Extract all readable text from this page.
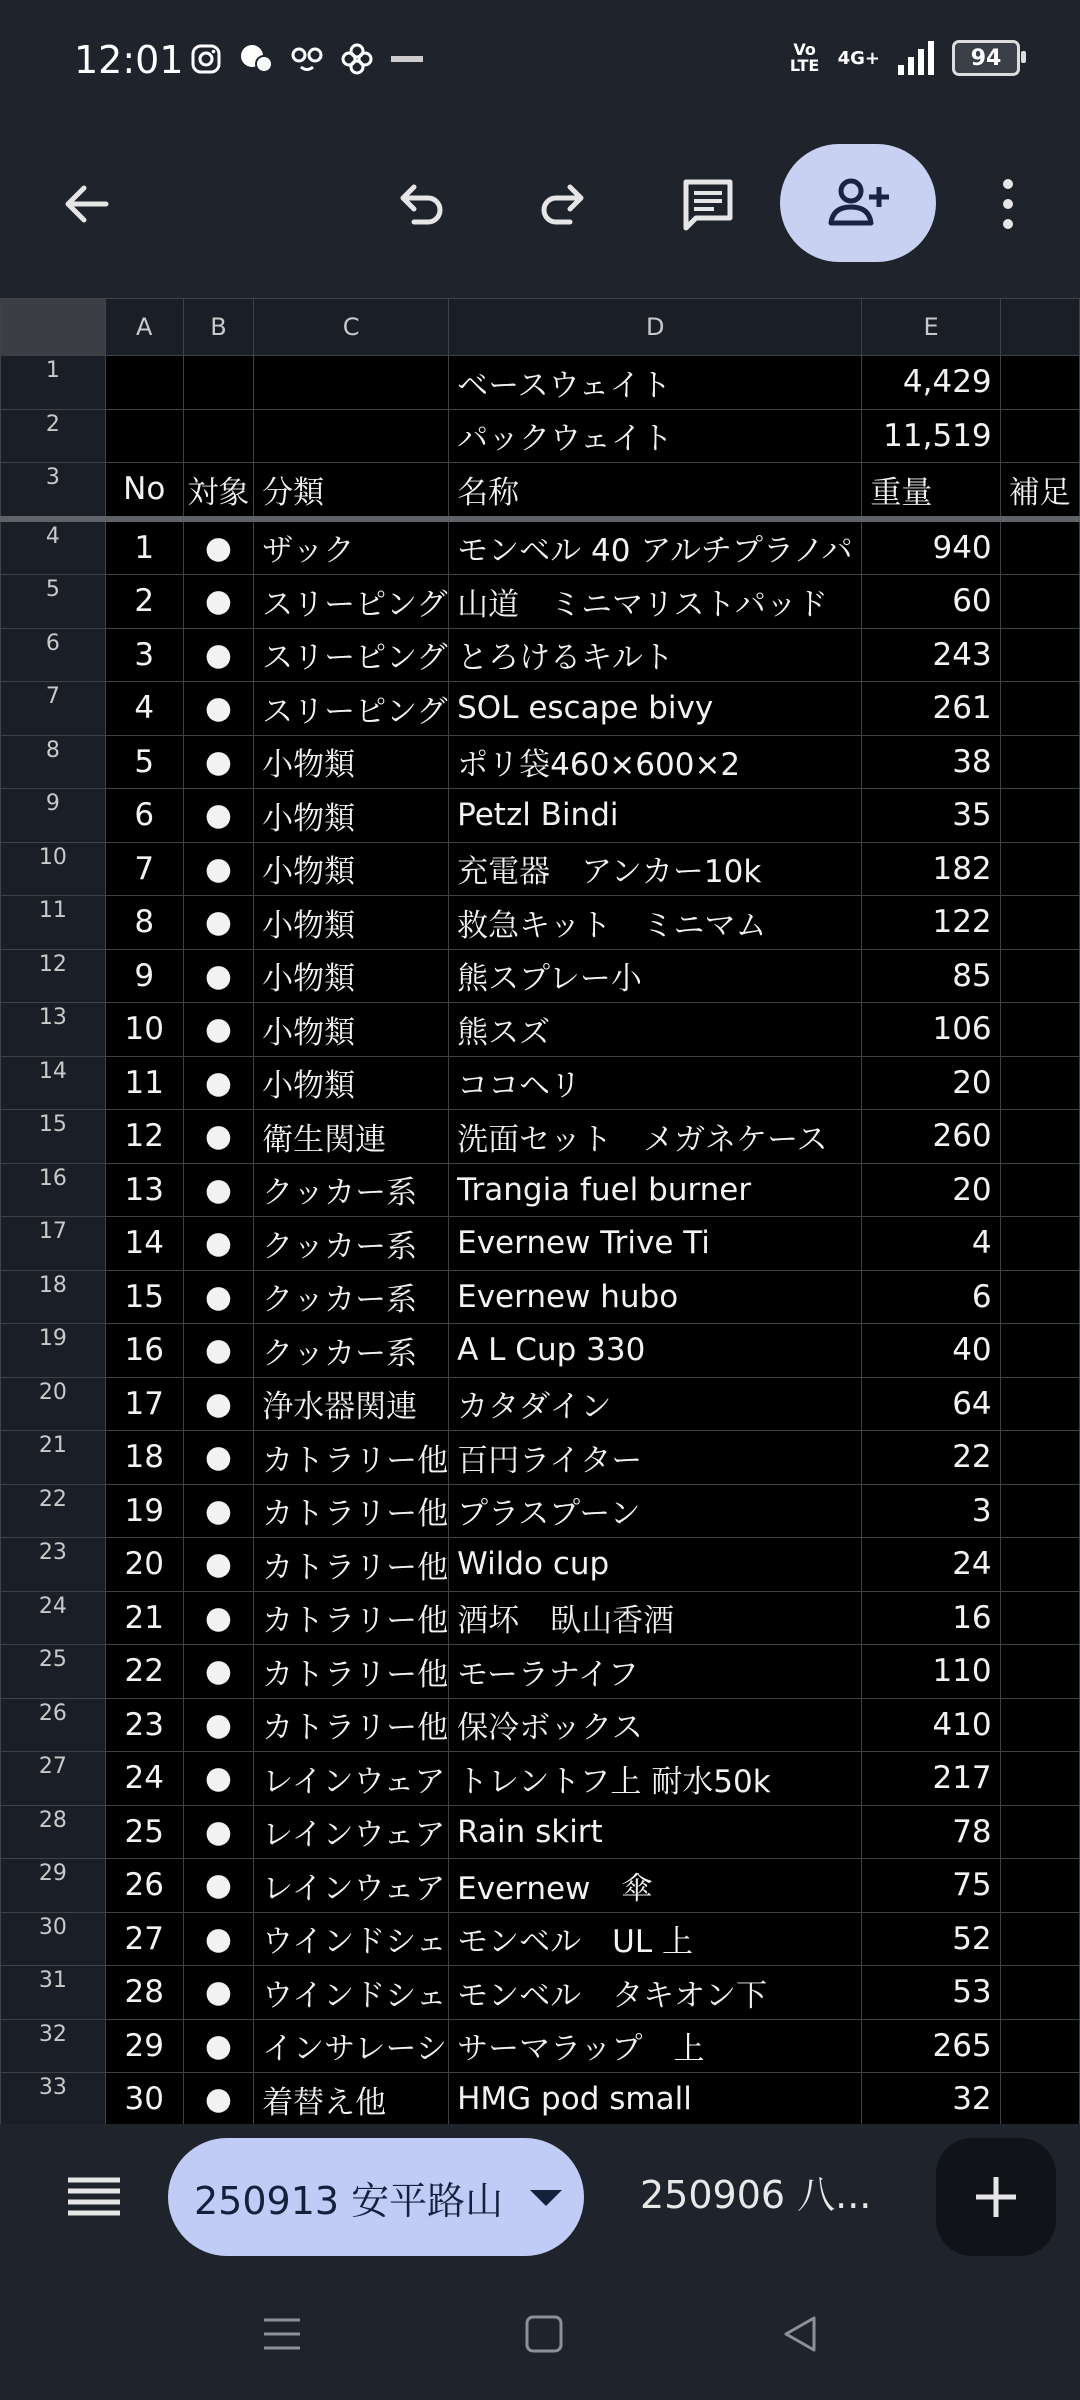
12:01	Vo LTE 4G+	94
	A	B	C	D	E	
1				ベースウェイト	4,429	
2				パックウェイト	11,519	
3	No	対象	分類	名称	重量	補足
4	1	●	ザック	モンベル 40 アルチプラノパ	940	
5	2	●	スリーピング	山道　ミニマリストパッド	60	
6	3	●	スリーピング	とろけるキルト	243	
7	4	●	スリーピング	SOL escape bivy	261	
8	5	●	小物類	ポリ袋460×600×2	38	
9	6	●	小物類	Petzl Bindi	35	
10	7	●	小物類	充電器　アンカー10k	182	
11	8	●	小物類	救急キット　ミニマム	122	
12	9	●	小物類	熊スプレー小	85	
13	10	●	小物類	熊スズ	106	
14	11	●	小物類	ココヘリ	20	
15	12	●	衛生関連	洗面セット　メガネケース	260	
16	13	●	クッカー系	Trangia fuel burner	20	
17	14	●	クッカー系	Evernew Trive Ti	4	
18	15	●	クッカー系	Evernew hubo	6	
19	16	●	クッカー系	A L Cup 330	40	
20	17	●	浄水器関連	カタダイン	64	
21	18	●	カトラリー他	百円ライター	22	
22	19	●	カトラリー他	プラスプーン	3	
23	20	●	カトラリー他	Wildo cup	24	
24	21	●	カトラリー他	酒坏　臥山香酒	16	
25	22	●	カトラリー他	モーラナイフ	110	
26	23	●	カトラリー他	保冷ボックス	410	
27	24	●	レインウェア	トレントフ上 耐水50k	217	
28	25	●	レインウェア	Rain skirt	78	
29	26	●	レインウェア	Evernew　傘	75	
30	27	●	ウインドシェ	モンベル　UL 上	52	
31	28	●	ウインドシェ	モンベル　タキオン下	53	
32	29	●	インサレーシ	サーマラップ　上	265	
33	30	●	着替え他	HMG pod small	32	

250913 安平路山	250906 八...
